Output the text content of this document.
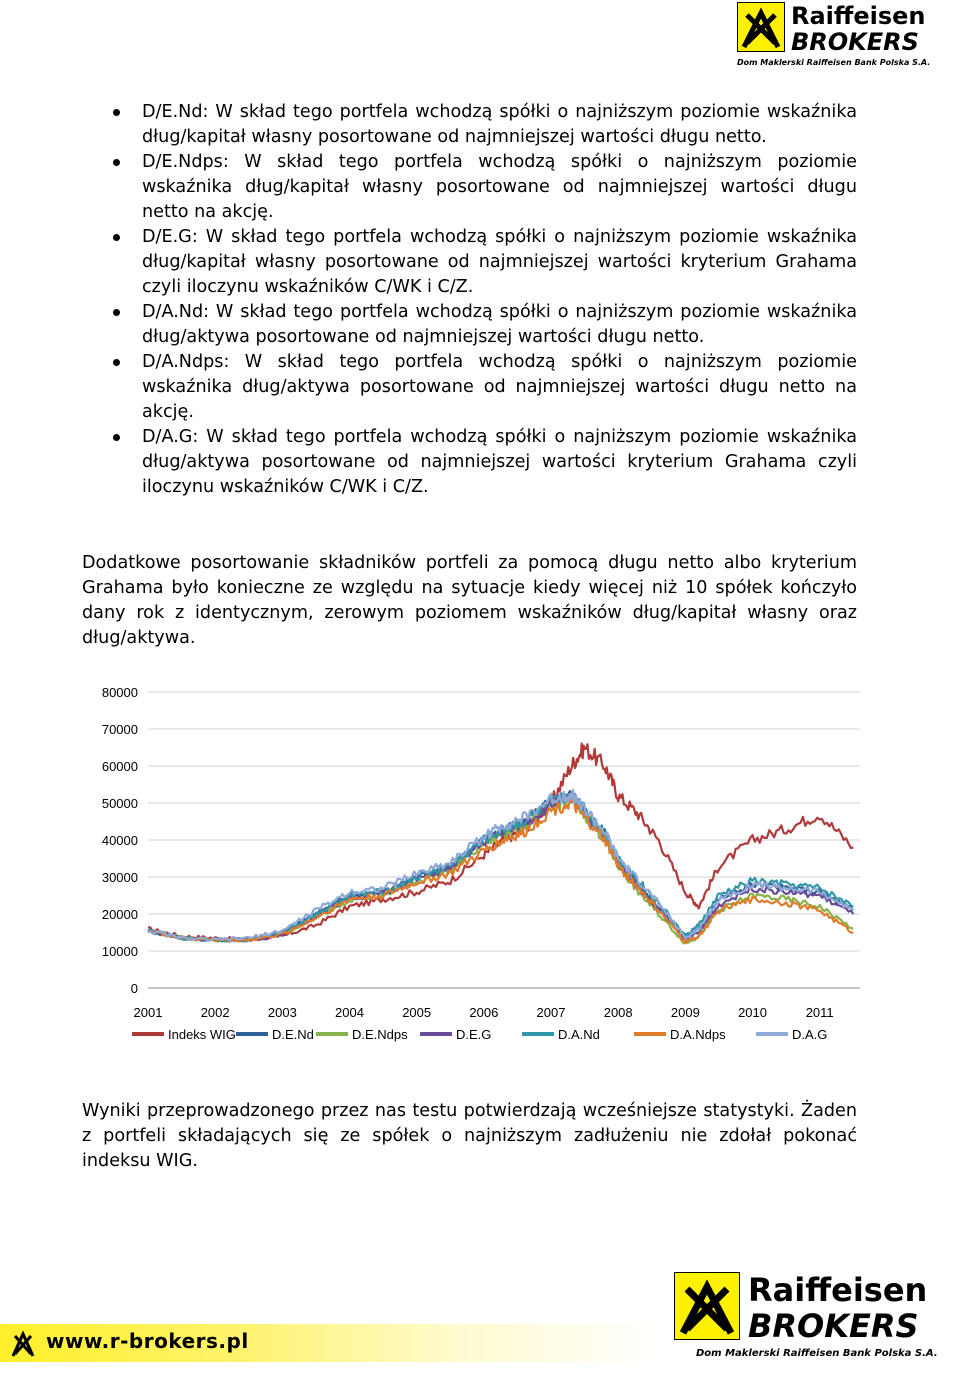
Raiffeisen
BROKERS
Dom Maklerski Raiffeisen Bank Polska S.A.
D/E.Nd: W skład tego portfela wchodzą spółki o najniższym poziomie wskaźnika dług/kapitał własny posortowane od najmniejszej wartości długu netto.
D/E.Ndps: W skład tego portfela wchodzą spółki o najniższym poziomie wskaźnika dług/kapitał własny posortowane od najmniejszej wartości długu netto na akcję.
D/E.G: W skład tego portfela wchodzą spółki o najniższym poziomie wskaźnika dług/kapitał własny posortowane od najmniejszej wartości kryterium Grahama czyli iloczynu wskaźników C/WK i C/Z.
D/A.Nd: W skład tego portfela wchodzą spółki o najniższym poziomie wskaźnika dług/aktywa posortowane od najmniejszej wartości długu netto.
D/A.Ndps: W skład tego portfela wchodzą spółki o najniższym poziomie wskaźnika dług/aktywa posortowane od najmniejszej wartości długu netto na akcję.
D/A.G: W skład tego portfela wchodzą spółki o najniższym poziomie wskaźnika dług/aktywa posortowane od najmniejszej wartości kryterium Grahama czyli iloczynu wskaźników C/WK i C/Z.

Dodatkowe posortowanie składników portfeli za pomocą długu netto albo kryterium Grahama było konieczne ze względu na sytuacje kiedy więcej niż 10 spółek kończyło dany rok z identycznym, zerowym poziomem wskaźników dług/kapitał własny oraz dług/aktywa.

0
10000
20000
30000
40000
50000
60000
70000
80000
2001	2002	2003	2004	2005	2006	2007	2008	2009	2010	2011
Indeks WIG	D.E.Nd	D.E.Ndps	D.E.G	D.A.Nd	D.A.Ndps	D.A.G

Wyniki przeprowadzonego przez nas testu potwierdzają wcześniejsze statystyki. Żaden z portfeli składających się ze spółek o najniższym zadłużeniu nie zdołał pokonać indeksu WIG.

www.r-brokers.pl
Raiffeisen
BROKERS
Dom Maklerski Raiffeisen Bank Polska S.A.
